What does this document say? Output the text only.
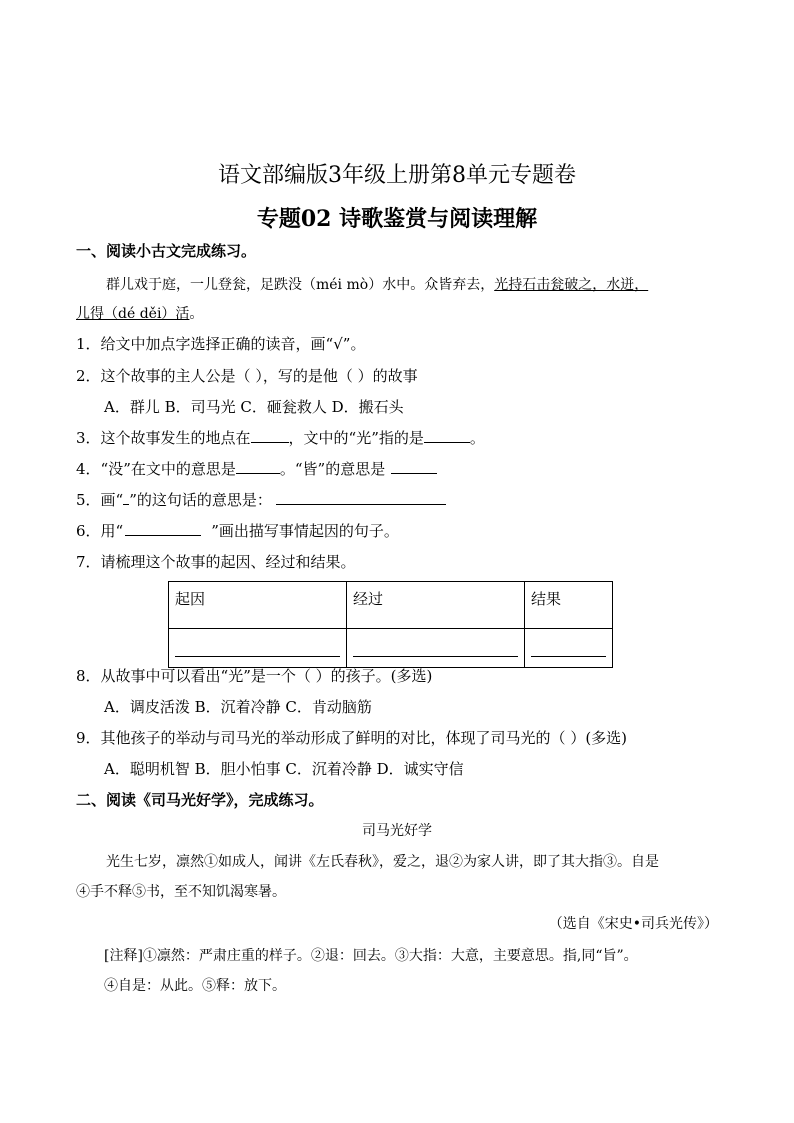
语文部编版3年级上册第8单元专题卷
专题02 诗歌鉴赏与阅读理解
一、阅读小古文完成练习。
群儿戏于庭，一儿登瓮，足跌没（méi mò）水中。众皆弃去，光持石击瓮破之，水迸，
儿得（dé děi）活。
1．给文中加点字选择正确的读音，画“√”。
2．这个故事的主人公是（ ），写的是他（ ）的故事
A．群儿 B．司马光 C．砸瓮救人 D．搬石头
3．这个故事发生的地点在	，文中的“光”指的是	。
4．“没”在文中的意思是	。“皆”的意思是
5．画“ ”的这句话的意思是：
6．用“	”画出描写事情起因的句子。
7．请梳理这个故事的起因、经过和结果。
起因	经过	结果

8．从故事中可以看出“光”是一个（ ）的孩子。(多选)
A．调皮活泼 B．沉着冷静 C．肯动脑筋
9．其他孩子的举动与司马光的举动形成了鲜明的对比，体现了司马光的（ ）(多选)
A．聪明机智 B．胆小怕事 C．沉着冷静 D．诚实守信
二、阅读《司马光好学》，完成练习。
司马光好学
光生七岁，凛然①如成人，闻讲《左氏春秋》，爱之，退②为家人讲，即了其大指③。自是
④手不释⑤书，至不知饥渴寒暑。
（选自《宋史•司兵光传》）
[注释]①凛然：严肃庄重的样子。②退：回去。③大指：大意，主要意思。指,同“旨”。
④自是：从此。⑤释：放下。
